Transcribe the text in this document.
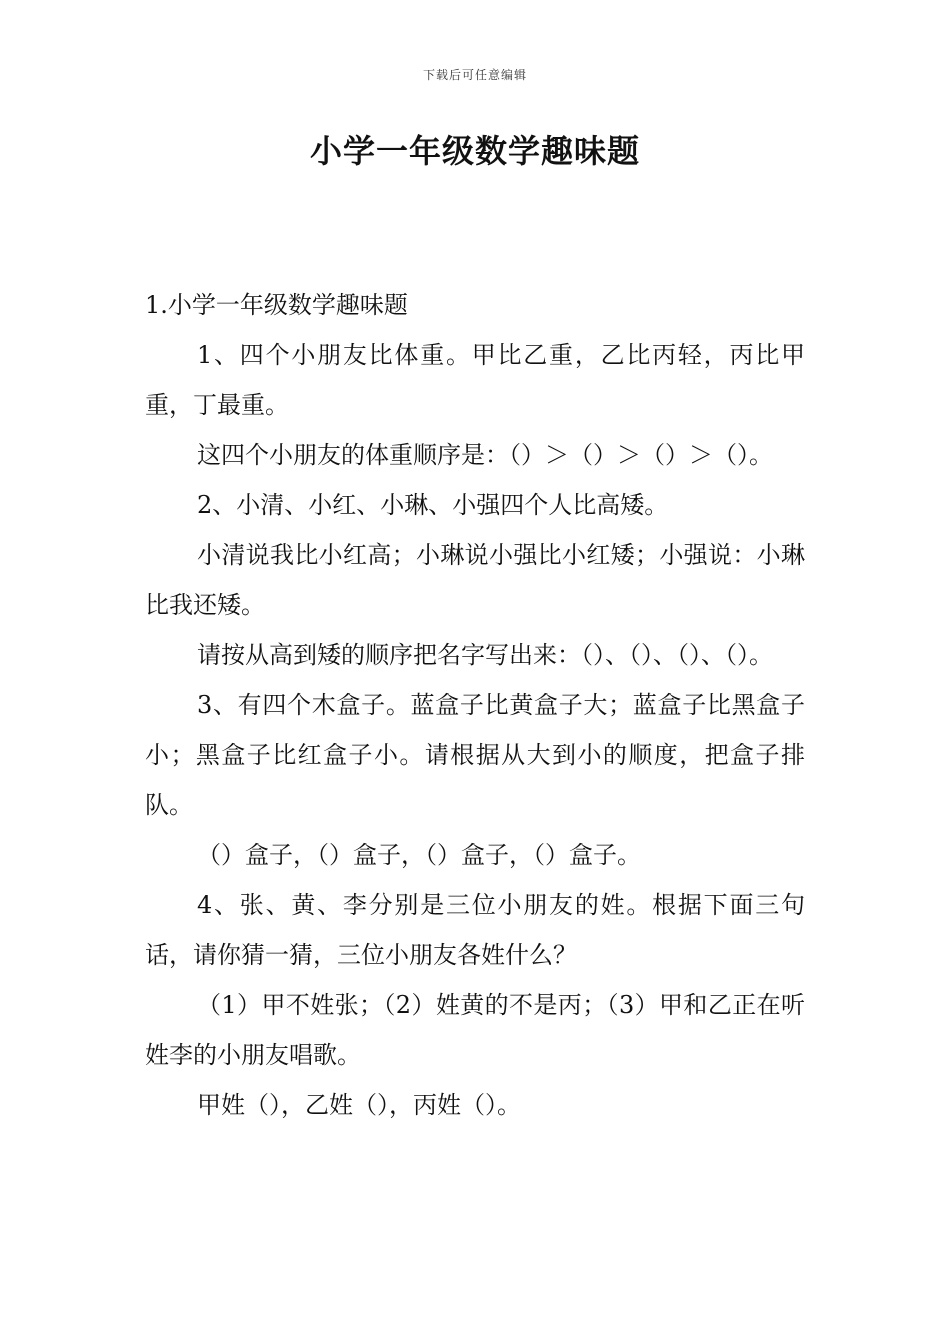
下载后可任意编辑
小学一年级数学趣味题

1.小学一年级数学趣味题

1、四个小朋友比体重。甲比乙重，乙比丙轻，丙比甲重，丁最重。

这四个小朋友的体重顺序是：（）＞（）＞（）＞（）。

2、小清、小红、小琳、小强四个人比高矮。

小清说我比小红高；小琳说小强比小红矮；小强说：小琳比我还矮。

请按从高到矮的顺序把名字写出来：（）、（）、（）、（）。

3、有四个木盒子。蓝盒子比黄盒子大；蓝盒子比黑盒子小；黑盒子比红盒子小。请根据从大到小的顺度，把盒子排队。

（）盒子，（）盒子，（）盒子，（）盒子。

4、张、黄、李分别是三位小朋友的姓。根据下面三句话，请你猜一猜，三位小朋友各姓什么？

（1）甲不姓张；（2）姓黄的不是丙；（3）甲和乙正在听姓李的小朋友唱歌。

甲姓（），乙姓（），丙姓（）。
